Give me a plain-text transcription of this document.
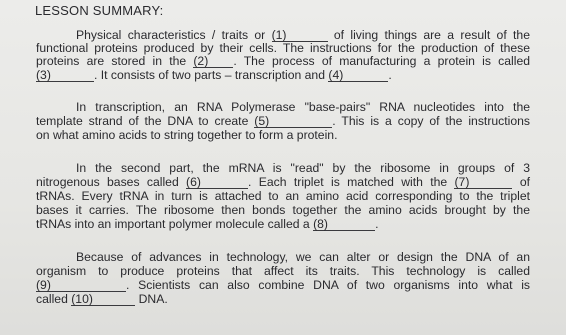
LESSON SUMMARY:
Physical characteristics / traits or (1)	of living things are a result of the
functional proteins produced by their cells. The instructions for the production of these
proteins are stored in the (2) . The process of manufacturing a protein is called
(3)	. It consists of two parts – transcription and (4)	.
In transcription, an RNA Polymerase "base-pairs" RNA nucleotides into the
template strand of the DNA to create (5)	. This is a copy of the instructions
on what amino acids to string together to form a protein.
In the second part, the mRNA is "read" by the ribosome in groups of 3
nitrogenous bases called (6)	. Each triplet is matched with the (7)	of
tRNAs. Every tRNA in turn is attached to an amino acid corresponding to the triplet
bases it carries. The ribosome then bonds together the amino acids brought by the
tRNAs into an important polymer molecule called a (8)	.
Because of advances in technology, we can alter or design the DNA of an
organism to produce proteins that affect its traits. This technology is called
(9)	. Scientists can also combine DNA of two organisms into what is
called (10)	DNA.
